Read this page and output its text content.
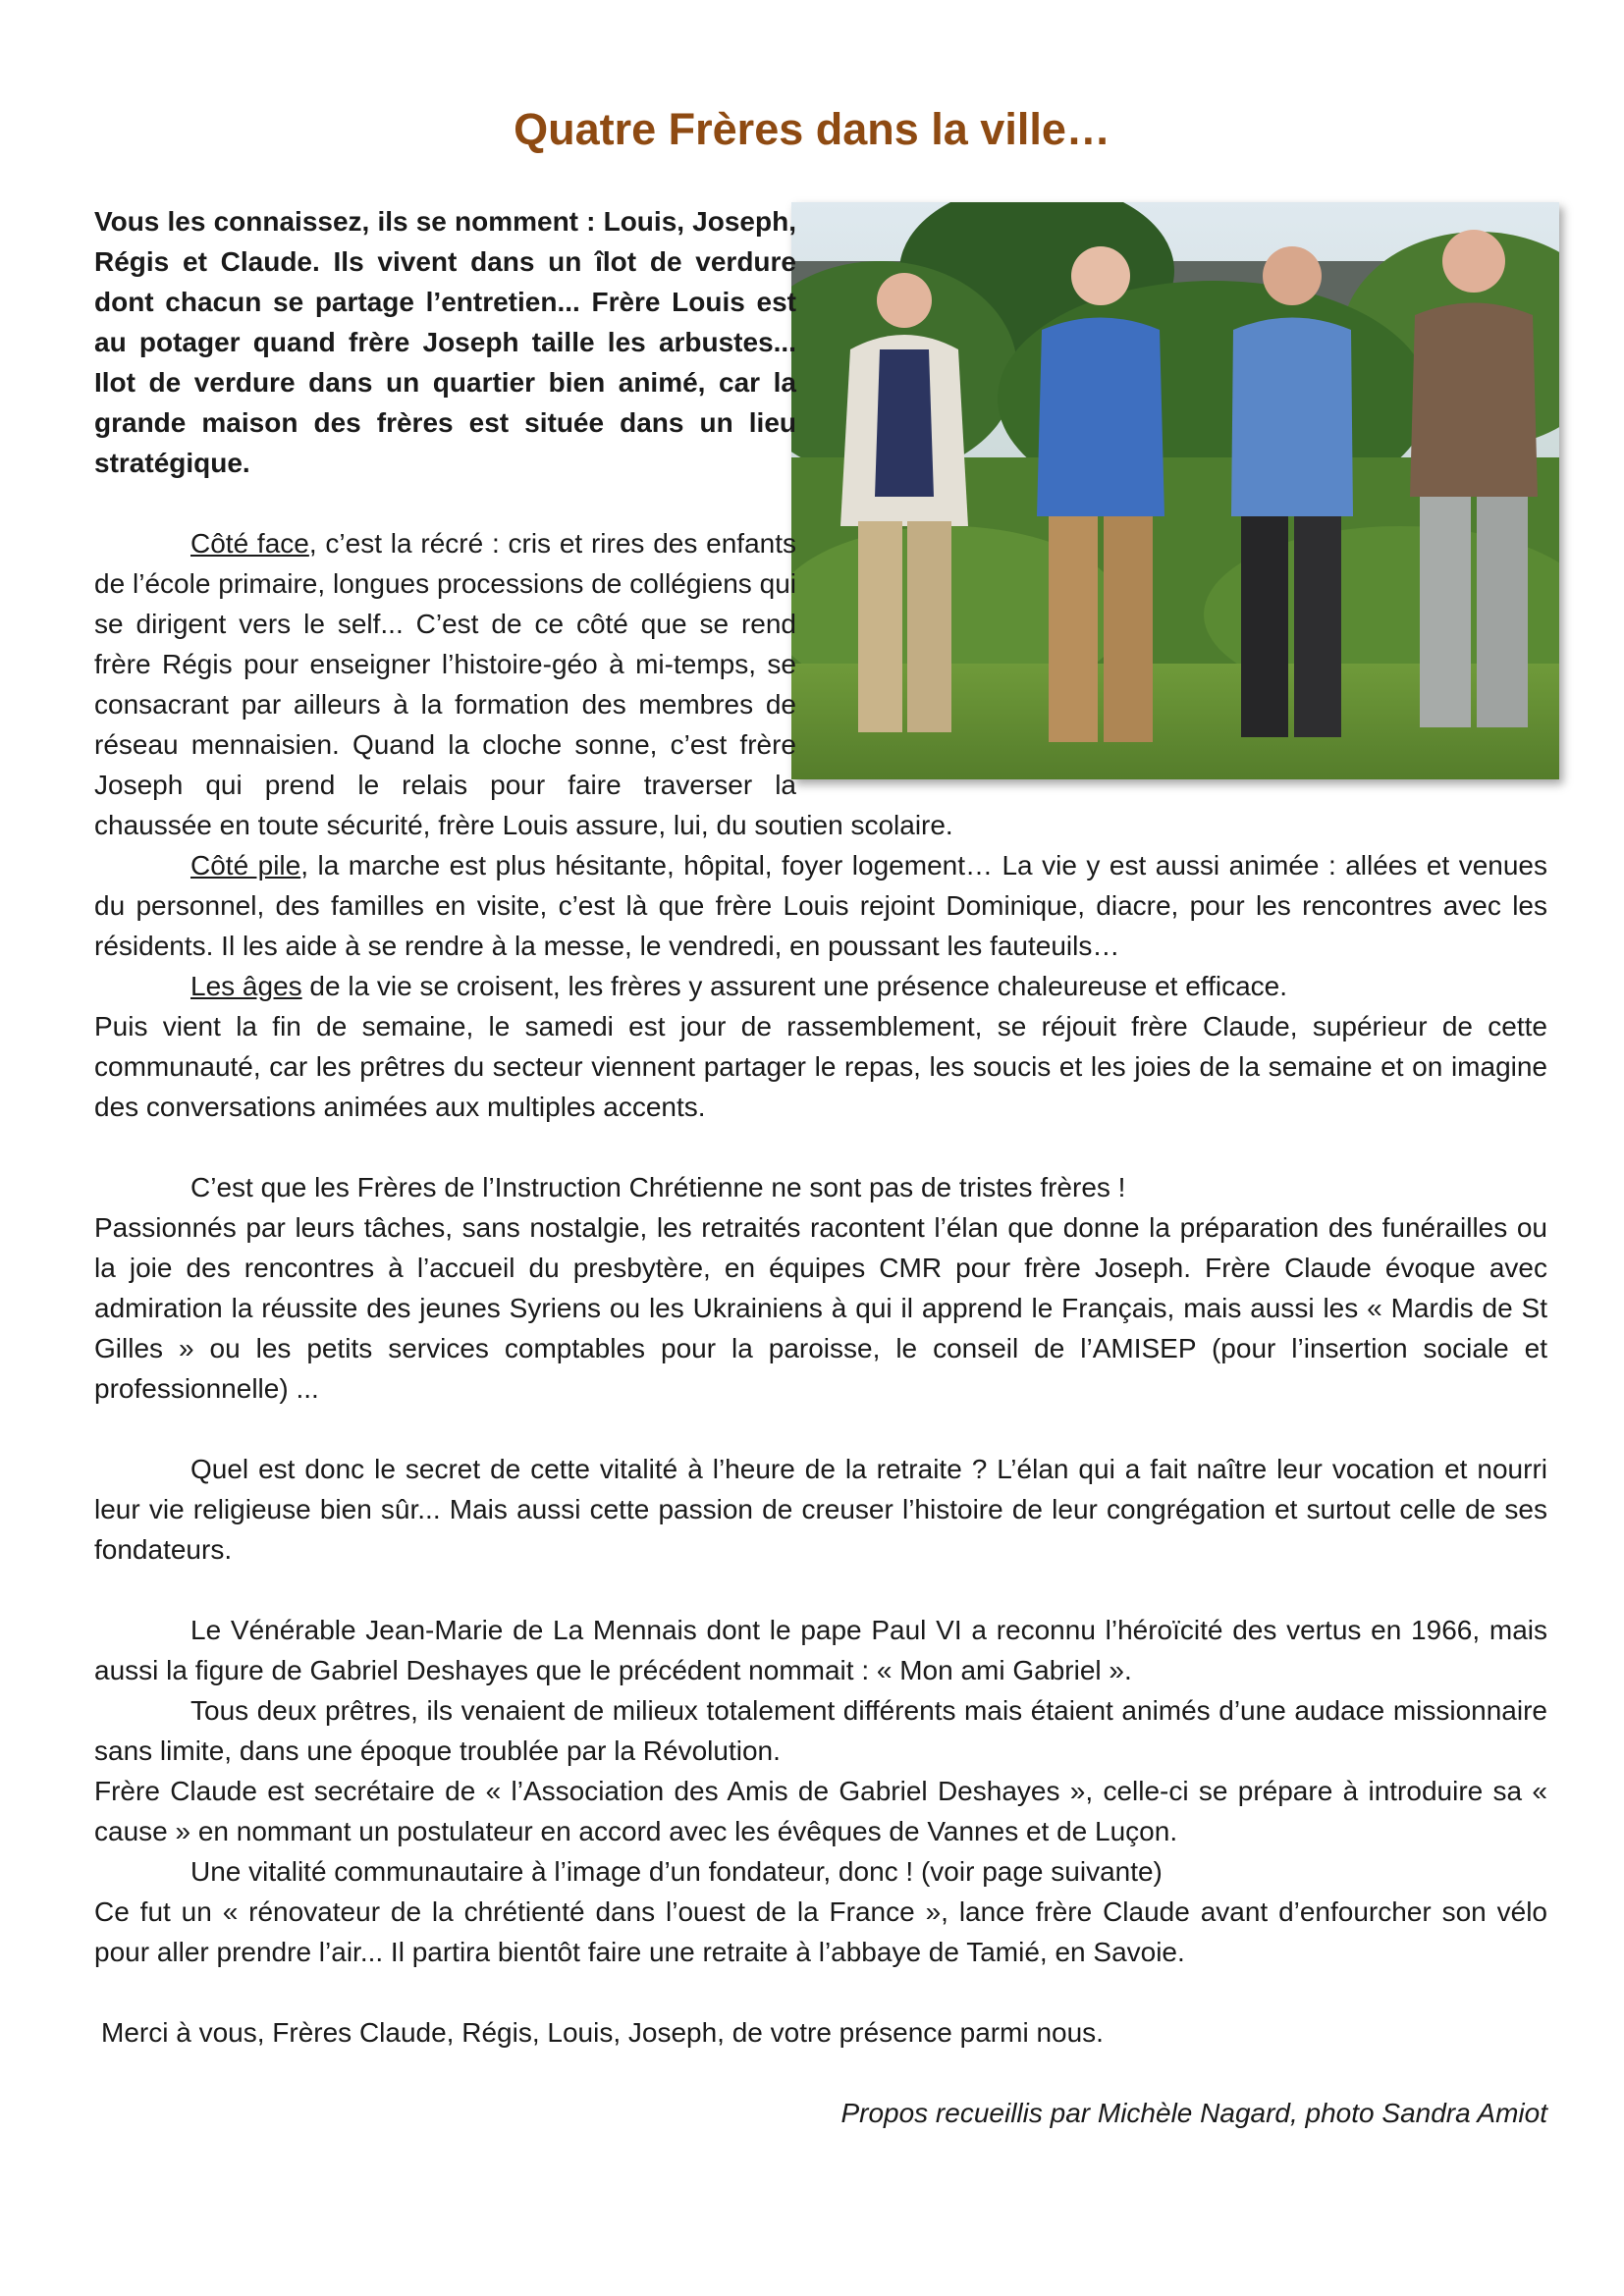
Quatre Frères dans la ville…

Vous les connaissez, ils se nomment : Louis, Joseph, Régis et Claude. Ils vivent dans un îlot de verdure dont chacun se partage l’entretien... Frère Louis est au potager quand frère Joseph taille les arbustes... Ilot de verdure dans un quartier bien animé, car la grande maison des frères est située dans un lieu stratégique.

Côté face, c’est la récré : cris et rires des enfants de l’école primaire, longues processions de collégiens qui se dirigent vers le self... C’est de ce côté que se rend frère Régis pour enseigner l’histoire-géo à mi-temps, se consacrant par ailleurs à la formation des membres de réseau mennaisien. Quand la cloche sonne, c’est frère Joseph qui prend le relais pour faire traverser la chaussée en toute sécurité, frère Louis assure, lui, du soutien scolaire.

Côté pile, la marche est plus hésitante, hôpital, foyer logement… La vie y est aussi animée : allées et venues du personnel, des familles en visite, c’est là que frère Louis rejoint Dominique, diacre, pour les rencontres avec les résidents. Il les aide à se rendre à la messe, le vendredi, en poussant les fauteuils…

Les âges de la vie se croisent, les frères y assurent une présence chaleureuse et efficace.

Puis vient la fin de semaine, le samedi est jour de rassemblement, se réjouit frère Claude, supérieur de cette communauté, car les prêtres du secteur viennent partager le repas, les soucis et les joies de la semaine et on imagine des conversations animées aux multiples accents.

C’est que les Frères de l’Instruction Chrétienne ne sont pas de tristes frères !

Passionnés par leurs tâches, sans nostalgie, les retraités racontent l’élan que donne la préparation des funérailles ou la joie des rencontres à l’accueil du presbytère, en équipes CMR pour frère Joseph. Frère Claude évoque avec admiration la réussite des jeunes Syriens ou les Ukrainiens à qui il apprend le Français, mais aussi les « Mardis de St Gilles » ou les petits services comptables pour la paroisse, le conseil de l’AMISEP (pour l’insertion sociale et professionnelle) ...

Quel est donc le secret de cette vitalité à l’heure de la retraite ? L’élan qui a fait naître leur vocation et nourri leur vie religieuse bien sûr... Mais aussi cette passion de creuser l’histoire de leur congrégation et surtout celle de ses fondateurs.

Le Vénérable Jean-Marie de La Mennais dont le pape Paul VI a reconnu l’héroïcité des vertus en 1966, mais aussi la figure de Gabriel Deshayes que le précédent nommait : « Mon ami Gabriel ».

Tous deux prêtres, ils venaient de milieux totalement différents mais étaient animés d’une audace missionnaire sans limite, dans une époque troublée par la Révolution.

Frère Claude est secrétaire de « l’Association des Amis de Gabriel Deshayes », celle-ci se prépare à introduire sa « cause » en nommant un postulateur en accord avec les évêques de Vannes et de Luçon.

Une vitalité communautaire à l’image d’un fondateur, donc ! (voir page suivante)

Ce fut un « rénovateur de la chrétienté dans l’ouest de la France », lance frère Claude avant d’enfourcher son vélo pour aller prendre l’air... Il partira bientôt faire une retraite à l’abbaye de Tamié, en Savoie.

Merci à vous, Frères Claude, Régis, Louis, Joseph, de votre présence parmi nous.

Propos recueillis par Michèle Nagard, photo Sandra Amiot
